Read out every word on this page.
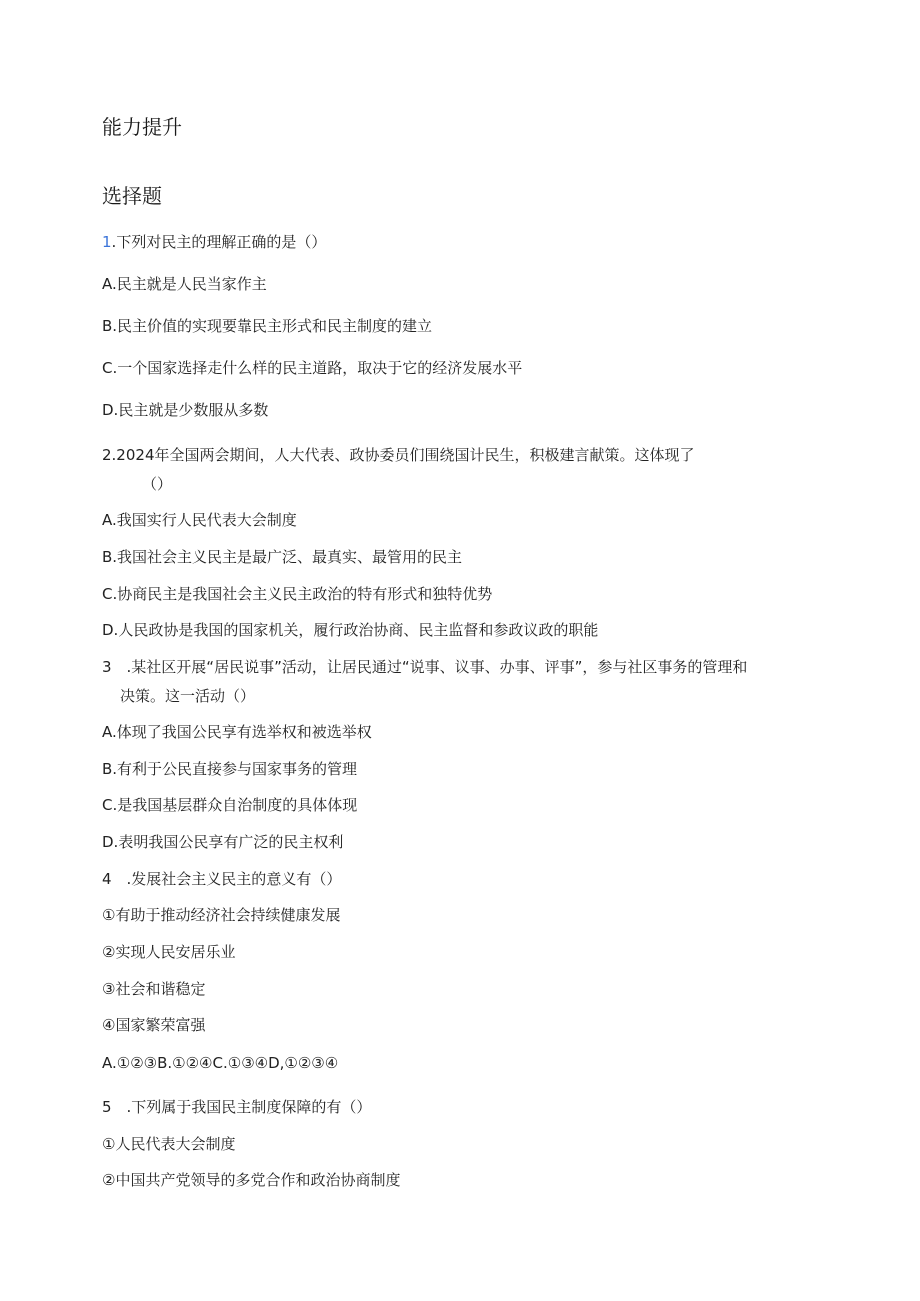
能力提升
选择题
1.下列对民主的理解正确的是（）
A.民主就是人民当家作主
B.民主价值的实现要靠民主形式和民主制度的建立
C.一个国家选择走什么样的民主道路，取决于它的经济发展水平
D.民主就是少数服从多数
2.2024年全国两会期间，人大代表、政协委员们围绕国计民生，积极建言献策。这体现了
（）
A.我国实行人民代表大会制度
B.我国社会主义民主是最广泛、最真实、最管用的民主
C.协商民主是我国社会主义民主政治的特有形式和独特优势
D.人民政协是我国的国家机关，履行政治协商、民主监督和参政议政的职能
3　.某社区开展“居民说事”活动，让居民通过“说事、议事、办事、评事”，参与社区事务的管理和
决策。这一活动（）
A.体现了我国公民享有选举权和被选举权
B.有利于公民直接参与国家事务的管理
C.是我国基层群众自治制度的具体体现
D.表明我国公民享有广泛的民主权利
4　.发展社会主义民主的意义有（）
①有助于推动经济社会持续健康发展
②实现人民安居乐业
③社会和谐稳定
④国家繁荣富强
A.①②③B.①②④C.①③④D,①②③④
5　.下列属于我国民主制度保障的有（）
①人民代表大会制度
②中国共产党领导的多党合作和政治协商制度
